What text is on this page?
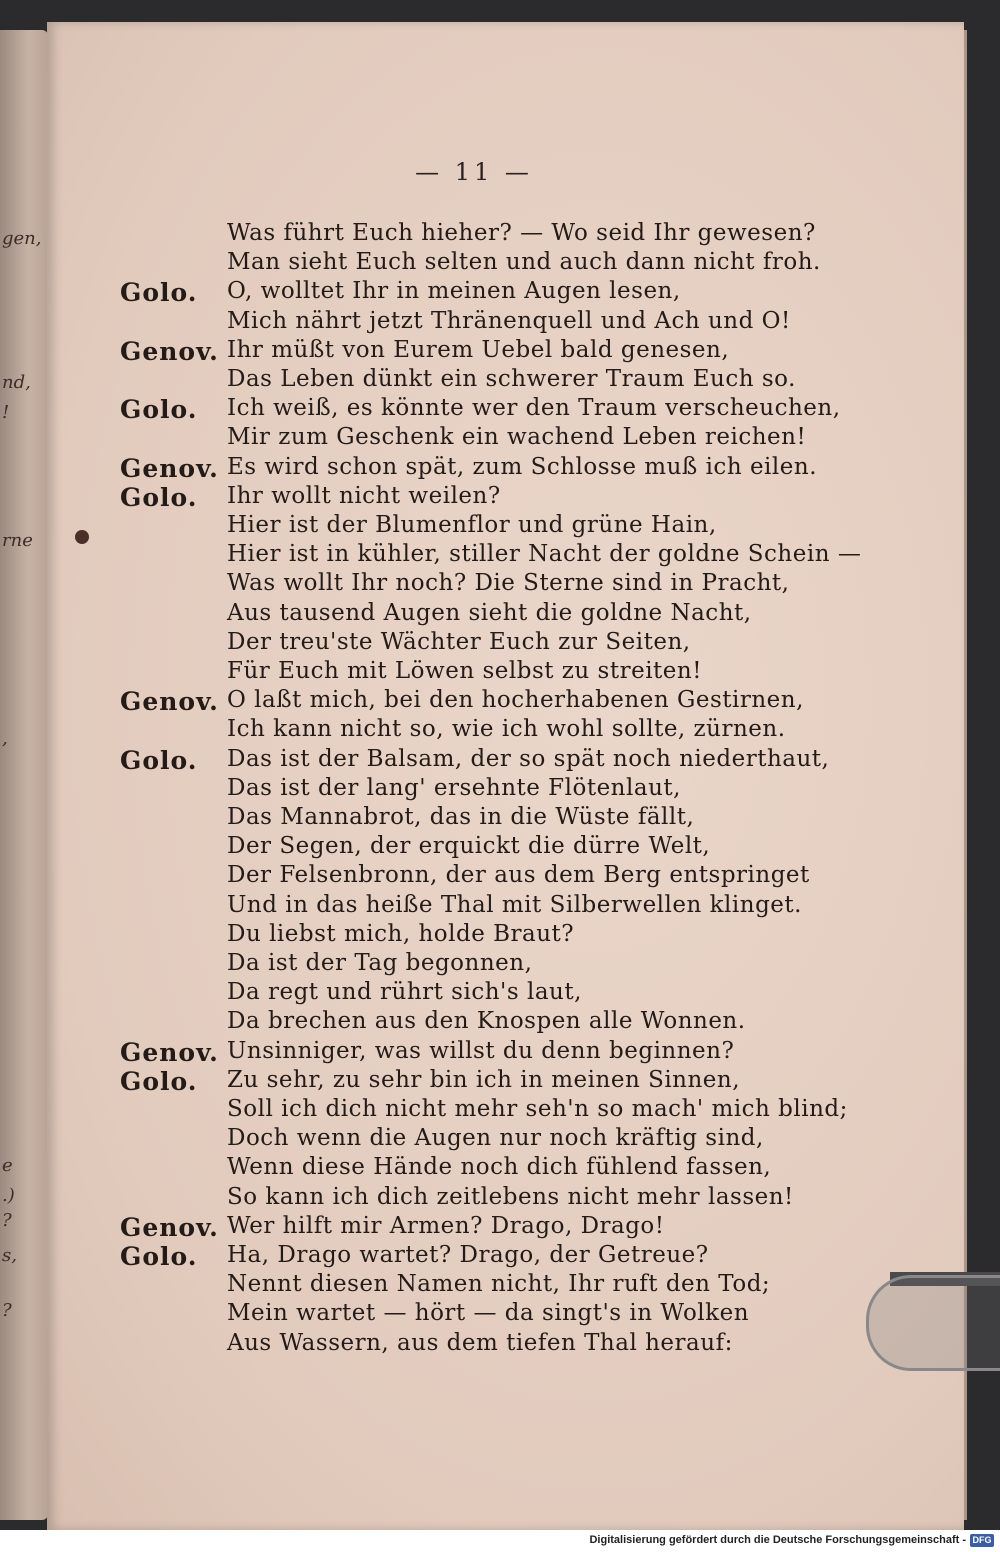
— 11 —
Was führt Euch hieher? — Wo seid Ihr gewesen?
Man sieht Euch selten und auch dann nicht froh.
Golo.	O, wolltet Ihr in meinen Augen lesen,
Mich nährt jetzt Thränenquell und Ach und O!
Genov. Ihr müßt von Eurem Uebel bald genesen,
Das Leben dünkt ein schwerer Traum Euch so.
Golo.	Ich weiß, es könnte wer den Traum verscheuchen,
Mir zum Geschenk ein wachend Leben reichen!
Genov. Es wird schon spät, zum Schlosse muß ich eilen.
Golo.	Ihr wollt nicht weilen?
Hier ist der Blumenflor und grüne Hain,
Hier ist in kühler, stiller Nacht der goldne Schein —
Was wollt Ihr noch? Die Sterne sind in Pracht,
Aus tausend Augen sieht die goldne Nacht,
Der treu'ste Wächter Euch zur Seiten,
Für Euch mit Löwen selbst zu streiten!
Genov. O laßt mich, bei den hocherhabenen Gestirnen,
Ich kann nicht so, wie ich wohl sollte, zürnen.
Golo.	Das ist der Balsam, der so spät noch niederthaut,
Das ist der lang' ersehnte Flötenlaut,
Das Mannabrot, das in die Wüste fällt,
Der Segen, der erquickt die dürre Welt,
Der Felsenbronn, der aus dem Berg entspringet
Und in das heiße Thal mit Silberwellen klinget.
Du liebst mich, holde Braut?
Da ist der Tag begonnen,
Da regt und rührt sich's laut,
Da brechen aus den Knospen alle Wonnen.
Genov. Unsinniger, was willst du denn beginnen?
Golo.	Zu sehr, zu sehr bin ich in meinen Sinnen,
Soll ich dich nicht mehr seh'n so mach' mich blind;
Doch wenn die Augen nur noch kräftig sind,
Wenn diese Hände noch dich fühlend fassen,
So kann ich dich zeitlebens nicht mehr lassen!
Genov. Wer hilft mir Armen? Drago, Drago!
Golo.	Ha, Drago wartet? Drago, der Getreue?
Nennt diesen Namen nicht, Ihr ruft den Tod;
Mein wartet — hört — da singt's in Wolken
Aus Wassern, aus dem tiefen Thal herauf:
gen,
nd,
!
rne
,
e
.)
?
s,
?
Digitalisierung gefördert durch die Deutsche Forschungsgemeinschaft - DFG
